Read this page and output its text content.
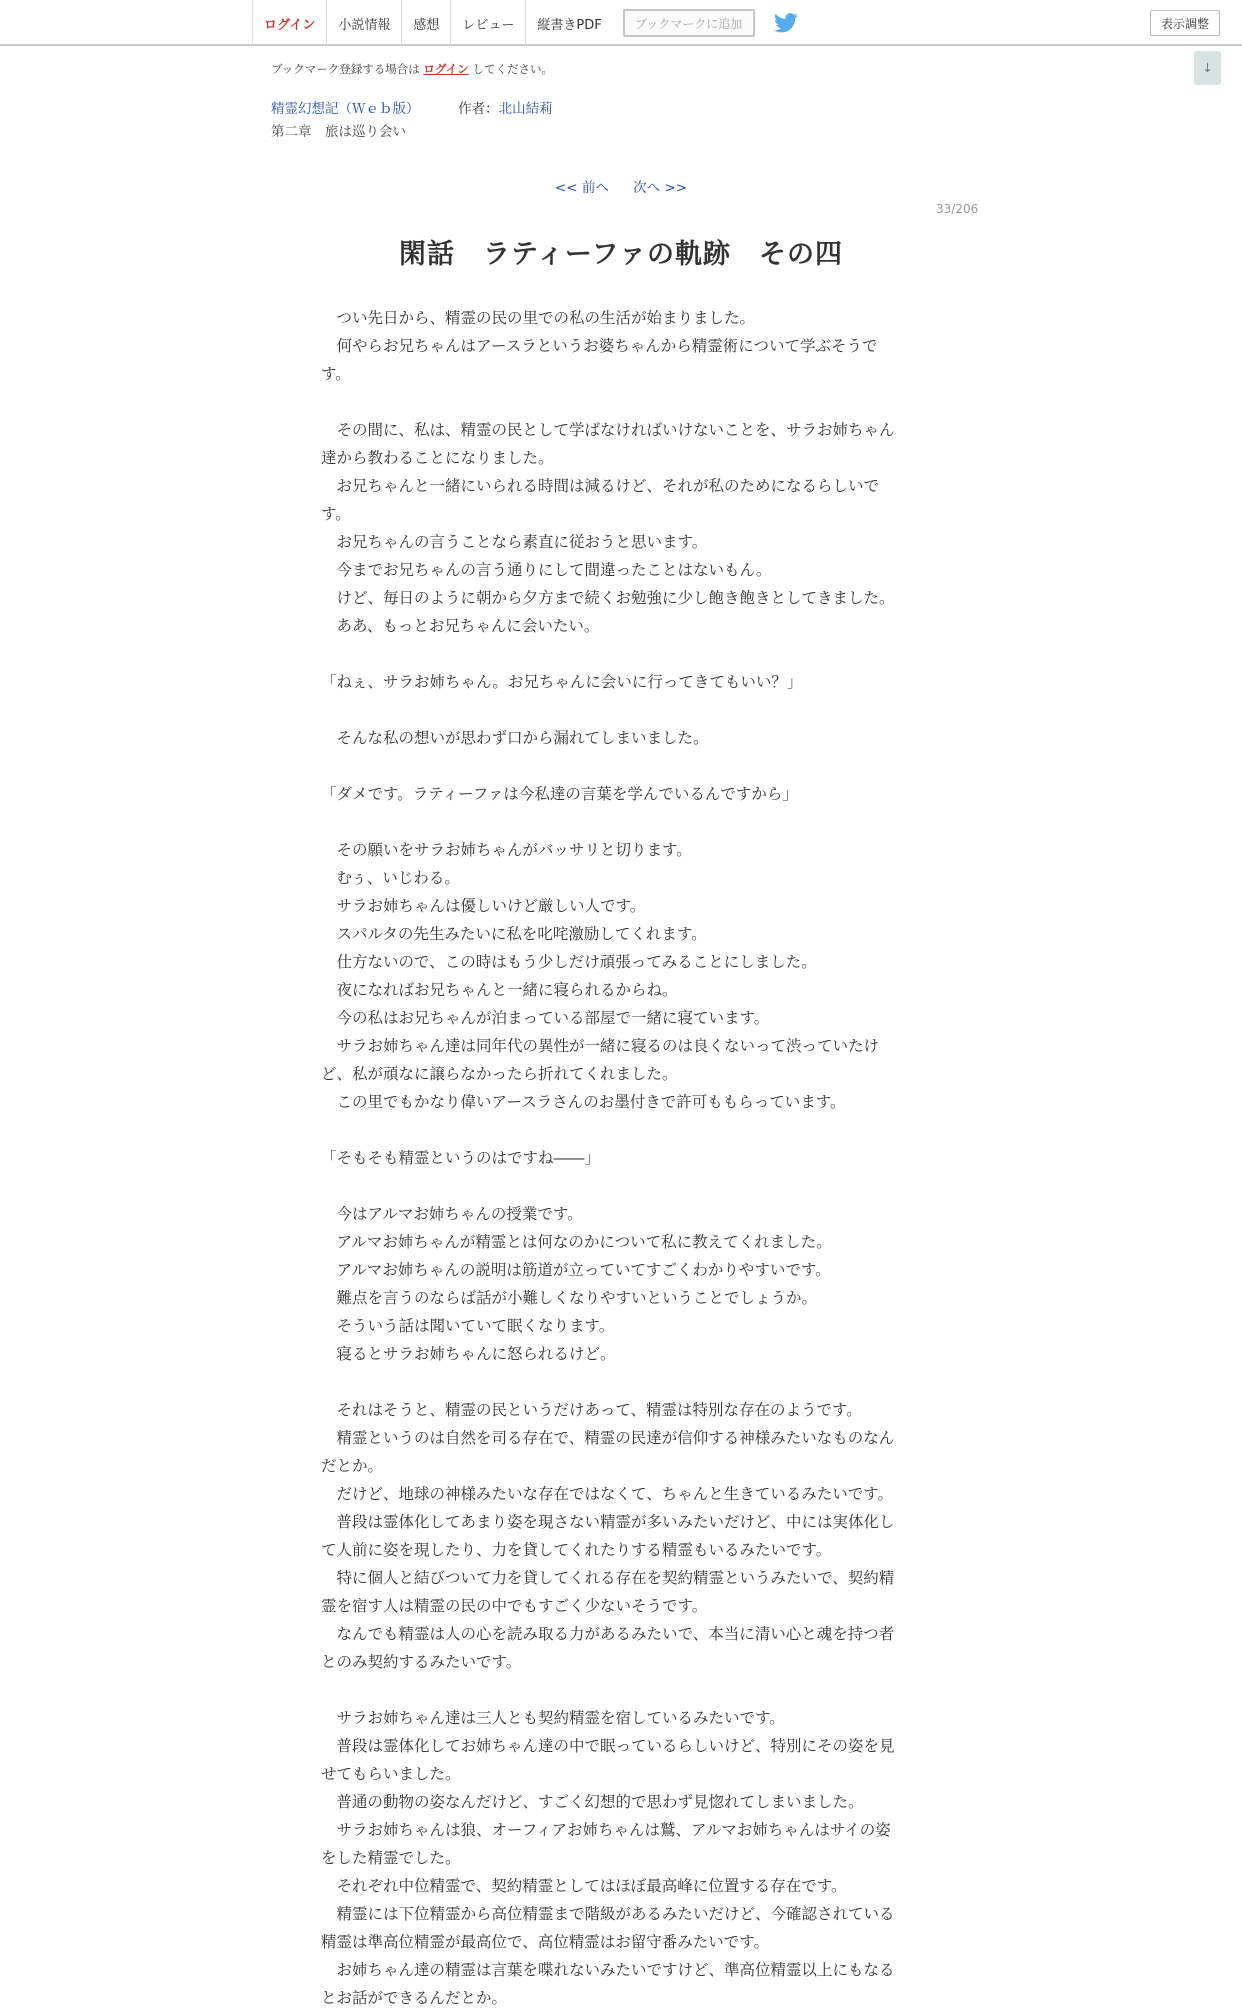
ログイン	小説情報	感想	レビュー	縦書きPDF	ブックマークに追加	表示調整
↓
ブックマーク登録する場合は ログイン してください。
精霊幻想記（Ｗｅｂ版）	作者：北山結莉
第二章　旅は巡り会い
<< 前へ 次へ >>
33/206
閑話　ラティーファの軌跡　その四
　つい先日から、精霊の民の里での私の生活が始まりました。
　何やらお兄ちゃんはアースラというお婆ちゃんから精霊術について学ぶそうで
す。
　その間に、私は、精霊の民として学ばなければいけないことを、サラお姉ちゃん
達から教わることになりました。
　お兄ちゃんと一緒にいられる時間は減るけど、それが私のためになるらしいで
す。
　お兄ちゃんの言うことなら素直に従おうと思います。
　今までお兄ちゃんの言う通りにして間違ったことはないもん。
　けど、毎日のように朝から夕方まで続くお勉強に少し飽き飽きとしてきました。
　ああ、もっとお兄ちゃんに会いたい。
「ねぇ、サラお姉ちゃん。お兄ちゃんに会いに行ってきてもいい？」
　そんな私の想いが思わず口から漏れてしまいました。
「ダメです。ラティーファは今私達の言葉を学んでいるんですから」
　その願いをサラお姉ちゃんがバッサリと切ります。
　むぅ、いじわる。
　サラお姉ちゃんは優しいけど厳しい人です。
　スパルタの先生みたいに私を叱咤激励してくれます。
　仕方ないので、この時はもう少しだけ頑張ってみることにしました。
　夜になればお兄ちゃんと一緒に寝られるからね。
　今の私はお兄ちゃんが泊まっている部屋で一緒に寝ています。
　サラお姉ちゃん達は同年代の異性が一緒に寝るのは良くないって渋っていたけ
ど、私が頑なに譲らなかったら折れてくれました。
　この里でもかなり偉いアースラさんのお墨付きで許可ももらっています。
「そもそも精霊というのはですね――」
　今はアルマお姉ちゃんの授業です。
　アルマお姉ちゃんが精霊とは何なのかについて私に教えてくれました。
　アルマお姉ちゃんの説明は筋道が立っていてすごくわかりやすいです。
　難点を言うのならば話が小難しくなりやすいということでしょうか。
　そういう話は聞いていて眠くなります。
　寝るとサラお姉ちゃんに怒られるけど。
　それはそうと、精霊の民というだけあって、精霊は特別な存在のようです。
　精霊というのは自然を司る存在で、精霊の民達が信仰する神様みたいなものなん
だとか。
　だけど、地球の神様みたいな存在ではなくて、ちゃんと生きているみたいです。
　普段は霊体化してあまり姿を現さない精霊が多いみたいだけど、中には実体化し
て人前に姿を現したり、力を貸してくれたりする精霊もいるみたいです。
　特に個人と結びついて力を貸してくれる存在を契約精霊というみたいで、契約精
霊を宿す人は精霊の民の中でもすごく少ないそうです。
　なんでも精霊は人の心を読み取る力があるみたいで、本当に清い心と魂を持つ者
とのみ契約するみたいです。
　サラお姉ちゃん達は三人とも契約精霊を宿しているみたいです。
　普段は霊体化してお姉ちゃん達の中で眠っているらしいけど、特別にその姿を見
せてもらいました。
　普通の動物の姿なんだけど、すごく幻想的で思わず見惚れてしまいました。
　サラお姉ちゃんは狼、オーフィアお姉ちゃんは鷲、アルマお姉ちゃんはサイの姿
をした精霊でした。
　それぞれ中位精霊で、契約精霊としてはほぼ最高峰に位置する存在です。
　精霊には下位精霊から高位精霊まで階級があるみたいだけど、今確認されている
精霊は準高位精霊が最高位で、高位精霊はお留守番みたいです。
　お姉ちゃん達の精霊は言葉を喋れないみたいですけど、準高位精霊以上にもなる
とお話ができるんだとか。
